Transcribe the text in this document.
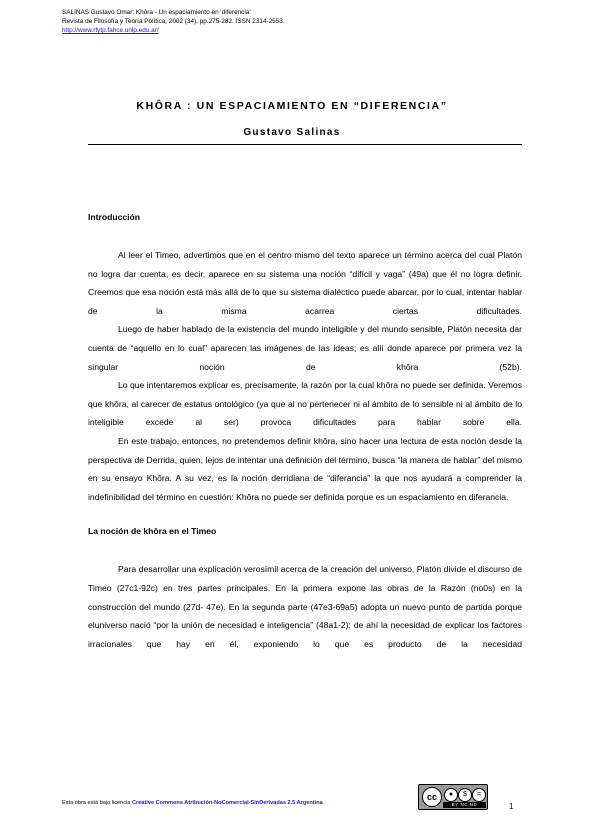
SALINAS Gustavo Omar: Khôra - Un espaciamiento en 'diferencia'
Revista de Filosofía y Teoría Política, 2002 (34), pp.275-282. ISSN 2314-2553.
http://www.rfytp.fahce.unlp.edu.ar/
KHÔRA : UN ESPACIAMIENTO EN “DIFERENCIA”
Gustavo Salinas
Introducción

Al leer el Timeo, advertimos que en el centro mismo del texto aparece un término acerca del cual Platón no logra dar cuenta, es decir, aparece en su sistema una noción “difícil y vaga” (49a) que él no logra definir. Creemos que esa noción está más allá de lo que su sistema dialéctico puede abarcar, por lo cual, intentar hablar de la misma acarrea ciertas dificultades.

Luego de haber hablado de la existencia del mundo inteligible y del mundo sensible, Platón necesita dar cuenta de “aquello en lo cual” aparecen las imágenes de las ideas; es allí donde aparece por primera vez la singular noción de khôra (52b).

Lo que intentaremos explicar es, precisamente, la razón por la cual khôra no puede ser definida. Veremos que khôra, al carecer de estatus ontológico (ya que al no pertenecer ni al ámbito de lo sensible ni al ámbito de lo inteligible excede al ser) provoca dificultades para hablar sobre ella.

En este trabajo, entonces, no pretendemos definir khôra, sino hacer una lectura de esta noción desde la perspectiva de Derrida, quien, lejos de intentar una definición del término, busca “la manera de hablar” del mismo en su ensayo Khôra. A su vez, es la noción derridiana de “diferancia” la que nos ayudará a comprender la indefinibilidad del término en cuestión: Khôra no puede ser definida porque es un espaciamiento en diferancia.

La noción de khôra en el Timeo

Para desarrollar una explicación verosímil acerca de la creación del universo, Platón divide el discurso de Timeo (27c1-92c) en tres partes principales. En la primera expone las obras de la Razón (no0s) en la construcción del mundo (27d- 47e). En la segunda parte (47e3-69a5) adopta un nuevo punto de partida porque eluniverso nació “por la unión de necesidad e inteligencia” (48a1-2); de ahí la necesidad de explicar los factores irracionales que hay en él, exponiendo lo que es producto de la necesidad

Esta obra está bajo licencia Creative Commons Atribución-NoComercial-SinDerivadas 2.5 Argentina
cc	●	$	=
BY NC ND	1
